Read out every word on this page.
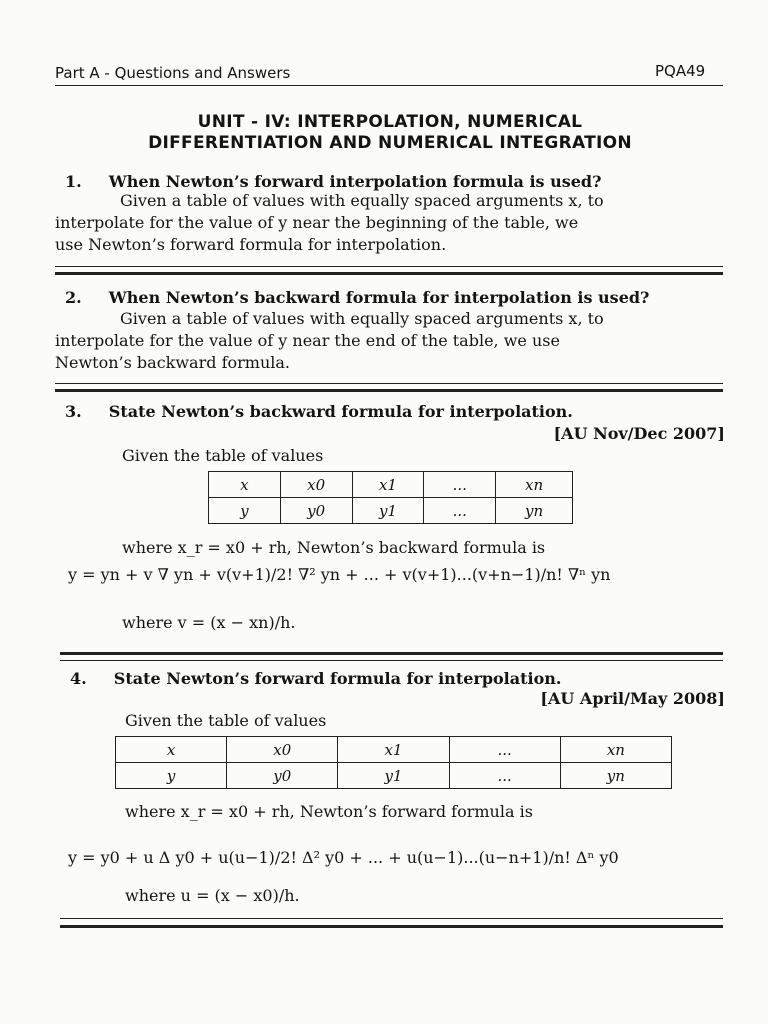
Part A - Questions and Answers	PQA49
UNIT - IV: INTERPOLATION, NUMERICAL
DIFFERENTIATION AND NUMERICAL INTEGRATION
1. When Newton’s forward interpolation formula is used?
Given a table of values with equally spaced arguments x, to
interpolate for the value of y near the beginning of the table, we
use Newton’s forward formula for interpolation.
2. When Newton’s backward formula for interpolation is used?
Given a table of values with equally spaced arguments x, to
interpolate for the value of y near the end of the table, we use
Newton’s backward formula.
3. State Newton’s backward formula for interpolation.
[AU Nov/Dec 2007]
Given the table of values
x	x0	x1	...	xn
y	y0	y1	...	yn
where x_r = x0 + rh, Newton’s backward formula is
y = yn + v ∇ yn + v(v+1)/2! ∇² yn + ... + v(v+1)...(v+n−1)/n! ∇ⁿ yn
where v = (x − xn)/h.
4. State Newton’s forward formula for interpolation.
[AU April/May 2008]
Given the table of values
x	x0	x1	...	xn
y	y0	y1	...	yn
where x_r = x0 + rh, Newton’s forward formula is
y = y0 + u Δ y0 + u(u−1)/2! Δ² y0 + ... + u(u−1)...(u−n+1)/n! Δⁿ y0
where u = (x − x0)/h.
